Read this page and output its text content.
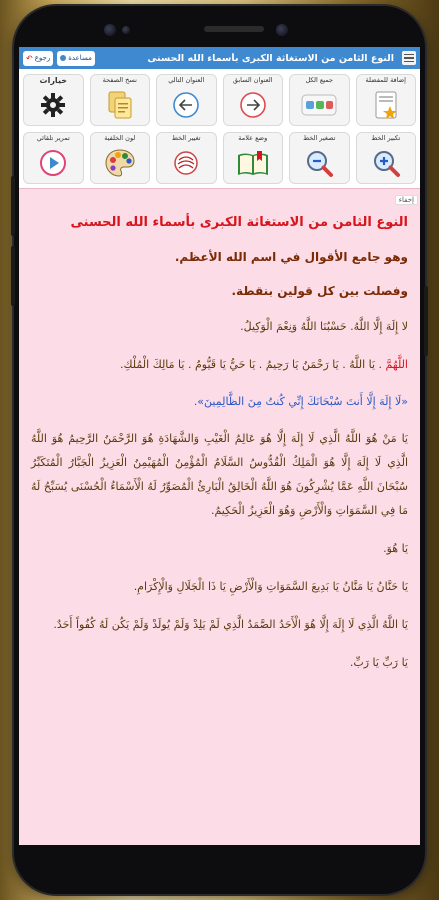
↶ رجوع	مساعدة	النوع الثامن من الاستغاثة الكبرى بأسماء الله الحسنى
إضافة للمفضلة
جميع الكل
العنوان السابق
العنوان التالي
نسخ الصفحة
خيارات
تكبير الخط
تصغير الخط
وضع علامة
تغيير الخط
لون الخلفية
تمرير تلقائي
إخفاء

النوع الثامن من الاستغاثة الكبرى بأسماء الله الحسنى

وهو جامع الأقوال في اسم الله الأعظم.

وفصلت بين كل قولين بنقطة.

لا إِلَهَ إِلَّا اللَّهُ. حَسْبُنَا اللَّهُ وَنِعْمَ الْوَكِيلُ.

اللَّهُمَّ . يَا اللَّهُ . يَا رَحْمَنُ يَا رَحِيمُ . يَا حَيُّ يَا قَيُّومُ . يَا مَالِكَ الْمُلْكِ.

«لَا إِلَهَ إِلَّا أَنتَ سُبْحَانَكَ إِنِّي كُنتُ مِنَ الظَّالِمِينَ».

يَا مَنْ هُوَ اللَّهُ الَّذِي لَا إِلَهَ إِلَّا هُوَ عَالِمُ الْغَيْبِ وَالشَّهَادَةِ هُوَ الرَّحْمَنُ الرَّحِيمُ هُوَ اللَّهُ الَّذِي لَا إِلَهَ إِلَّا هُوَ الْمَلِكُ الْقُدُّوسُ السَّلَامُ الْمُؤْمِنُ الْمُهَيْمِنُ الْعَزِيزُ الْجَبَّارُ الْمُتَكَبِّرُ سُبْحَانَ اللَّهِ عَمَّا يُشْرِكُونَ هُوَ اللَّهُ الْخَالِقُ الْبَارِئُ الْمُصَوِّرُ لَهُ الْأَسْمَاءُ الْحُسْنَى يُسَبِّحُ لَهُ مَا فِي السَّمَوَاتِ وَالْأَرْضِ وَهُوَ الْعَزِيزُ الْحَكِيمُ.

يَا هُوَ.

يَا حَنَّانُ يَا مَنَّانُ يَا بَدِيعَ السَّمَوَاتِ وَالْأَرْضِ يَا ذَا الْجَلَالِ وَالْإِكْرَامِ.

يَا اللَّهُ الَّذِي لَا إِلَهَ إِلَّا هُوَ الْأَحَدُ الصَّمَدُ الَّذِي لَمْ يَلِدْ وَلَمْ يُولَدْ وَلَمْ يَكُن لَهُ كُفُواً أَحَدٌ.

يَا رَبِّ يَا رَبِّ.
